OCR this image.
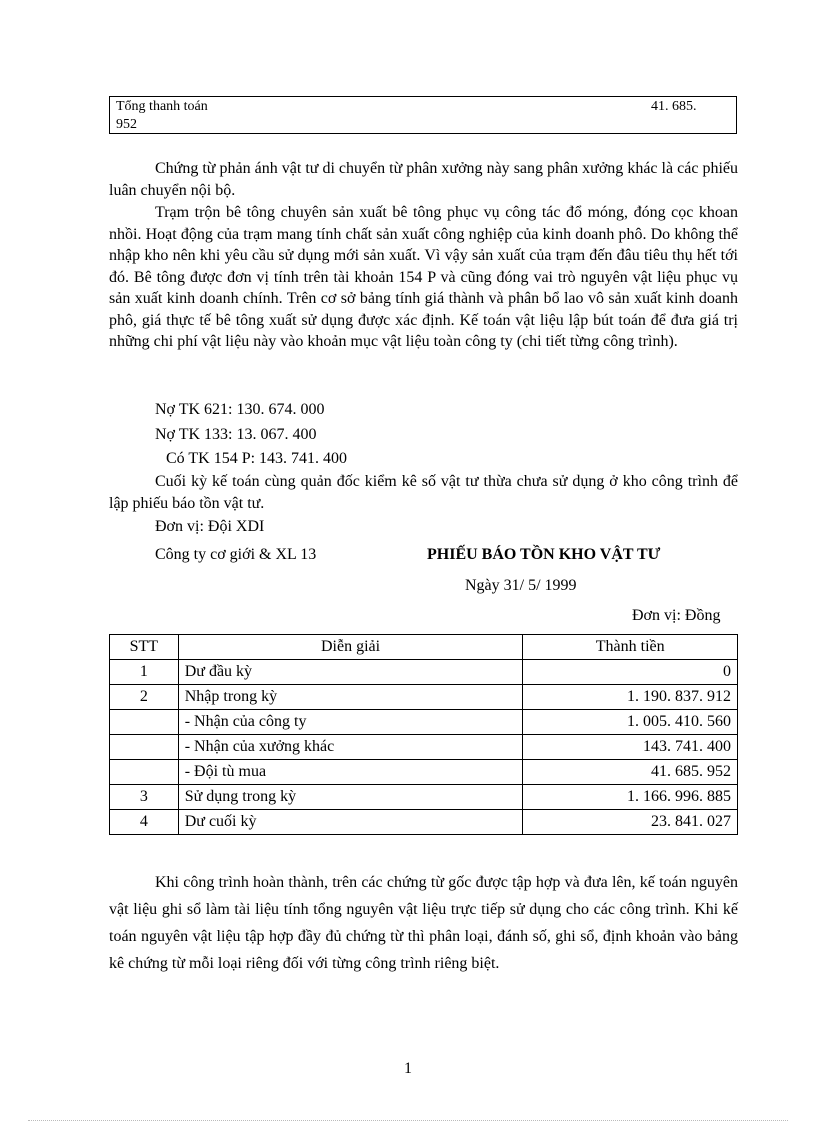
Tổng thanh toán	41. 685.
952

Chứng từ phản ánh vật tư di chuyển từ phân xưởng này sang phân xưởng khác là các phiếu luân chuyển nội bộ.

Trạm trộn bê tông chuyên sản xuất bê tông phục vụ công tác đổ móng, đóng cọc khoan nhồi. Hoạt động của trạm mang tính chất sản xuất công nghiệp của kinh doanh phô. Do không thể nhập kho nên khi yêu cầu sử dụng mới sản xuất. Vì vậy sản xuất của trạm đến đâu tiêu thụ hết tới đó. Bê tông được đơn vị tính trên tài khoản 154 P và cũng đóng vai trò nguyên vật liệu phục vụ sản xuất kinh doanh chính. Trên cơ sở bảng tính giá thành và phân bổ lao vô sản xuất kinh doanh phô, giá thực tế bê tông xuất sử dụng được xác định. Kế toán vật liệu lập bút toán để đưa giá trị những chi phí vật liệu này vào khoản mục vật liệu toàn công ty (chi tiết từng công trình).

Nợ TK 621: 130. 674. 000
Nợ TK 133: 13. 067. 400
Có TK 154 P: 143. 741. 400

Cuối kỳ kế toán cùng quản đốc kiểm kê số vật tư thừa chưa sử dụng ở kho công trình để lập phiếu báo tồn vật tư.

Đơn vị: Đội XDI
Công ty cơ giới & XL 13	PHIẾU BÁO TỒN KHO VẬT TƯ
Ngày 31/ 5/ 1999
Đơn vị: Đồng
STT	Diễn giải	Thành tiền
1	Dư đầu kỳ	0
2	Nhập trong kỳ	1. 190. 837. 912
	- Nhận của công ty	1. 005. 410. 560
	- Nhận của xưởng khác	143. 741. 400
	- Đội tù mua	41. 685. 952
3	Sử dụng trong kỳ	1. 166. 996. 885
4	Dư cuối kỳ	23. 841. 027

Khi công trình hoàn thành, trên các chứng từ gốc được tập hợp và đưa lên, kế toán nguyên vật liệu ghi sổ làm tài liệu tính tổng nguyên vật liệu trực tiếp sử dụng cho các công trình. Khi kế toán nguyên vật liệu tập hợp đầy đủ chứng từ thì phân loại, đánh số, ghi sổ, định khoản vào bảng kê chứng từ mỗi loại riêng đối với từng công trình riêng biệt.

1
